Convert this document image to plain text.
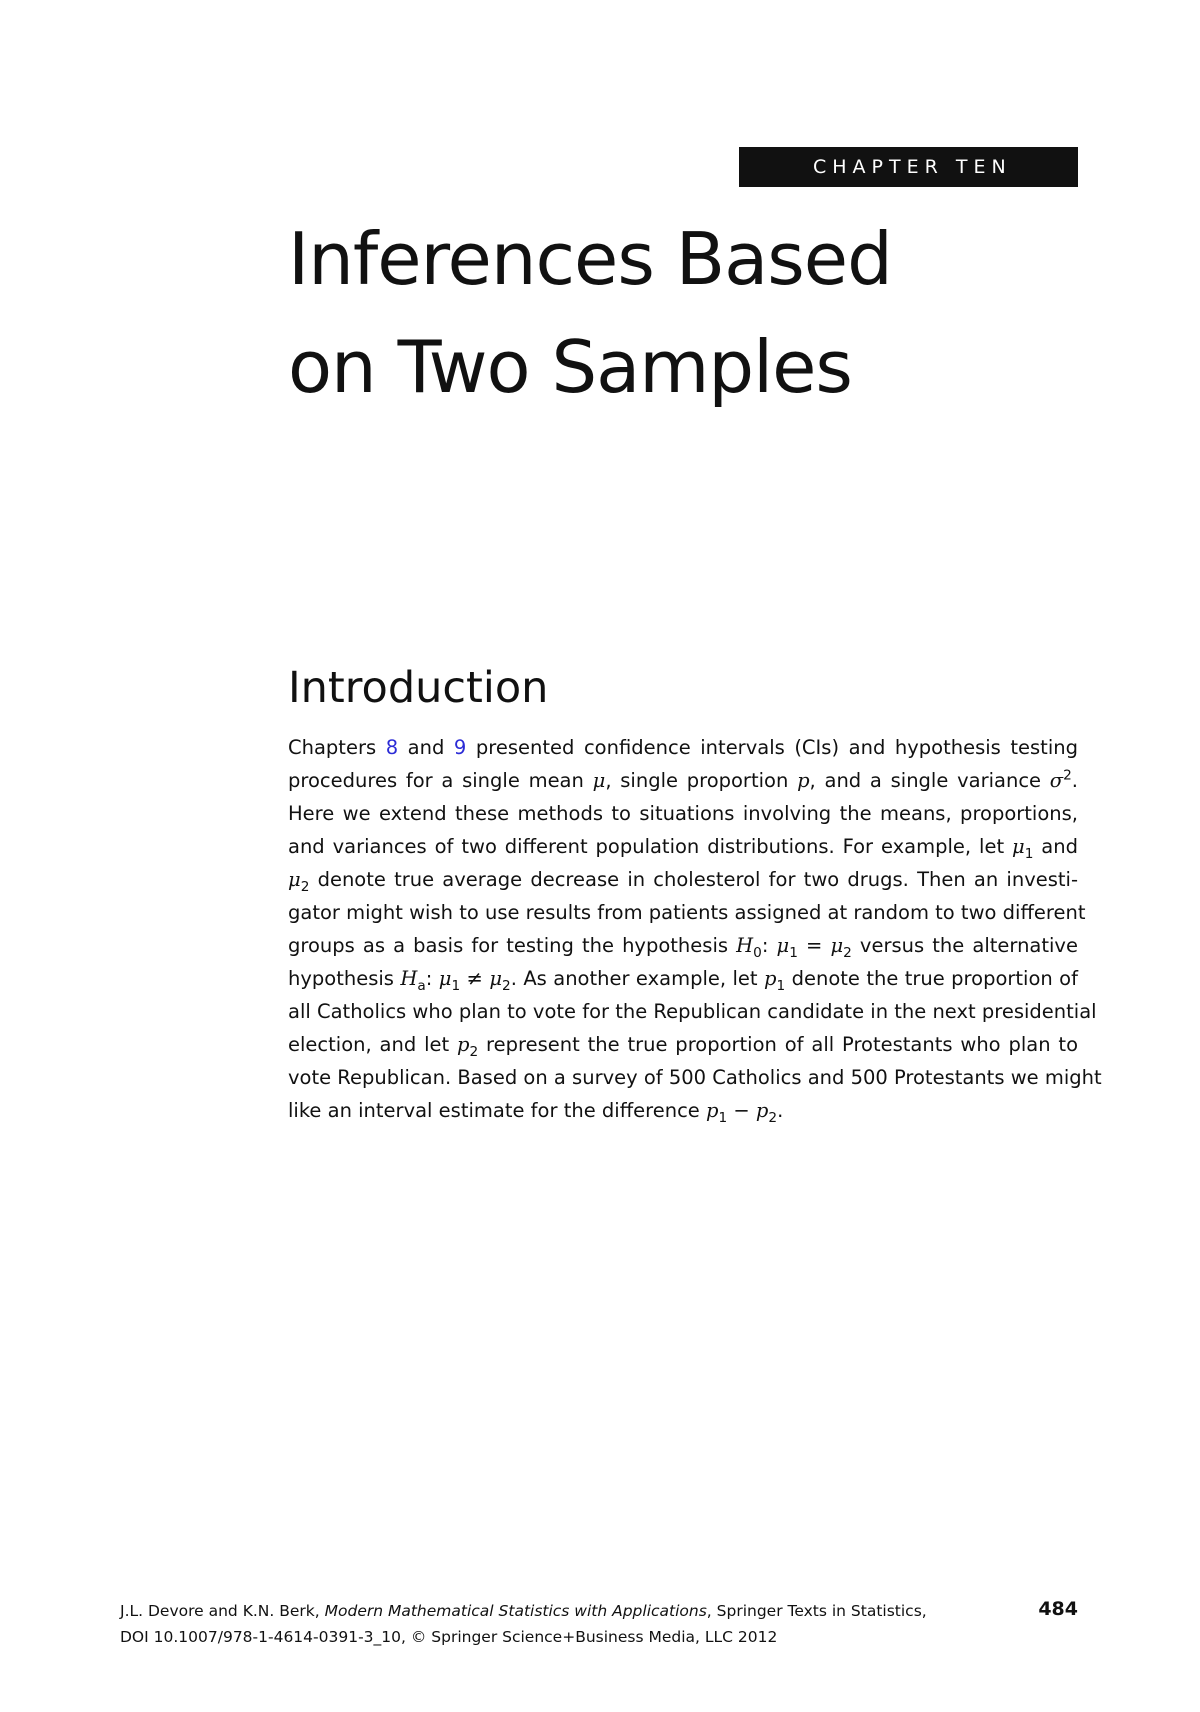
CHAPTER TEN
Inferences Based
on Two Samples
Introduction
Chapters 8 and 9 presented confidence intervals (CIs) and hypothesis testing
procedures for a single mean μ, single proportion p, and a single variance $\sigma^2$.
Here we extend these methods to situations involving the means, proportions,
and variances of two different population distributions. For example, let $\mu_1$ and
$\mu_2$ denote true average decrease in cholesterol for two drugs. Then an investi-
gator might wish to use results from patients assigned at random to two different
groups as a basis for testing the hypothesis $H_0$: $\mu_1 = \mu_2$ versus the alternative
hypothesis $H_a$: $\mu_1 \ne \mu_2$. As another example, let $p_1$ denote the true proportion of
all Catholics who plan to vote for the Republican candidate in the next presidential
election, and let $p_2$ represent the true proportion of all Protestants who plan to
vote Republican. Based on a survey of 500 Catholics and 500 Protestants we might
like an interval estimate for the difference $p_1 - p_2$.
J.L. Devore and K.N. Berk, Modern Mathematical Statistics with Applications, Springer Texts in Statistics,
DOI 10.1007/978-1-4614-0391-3_10, © Springer Science+Business Media, LLC 2012
484
